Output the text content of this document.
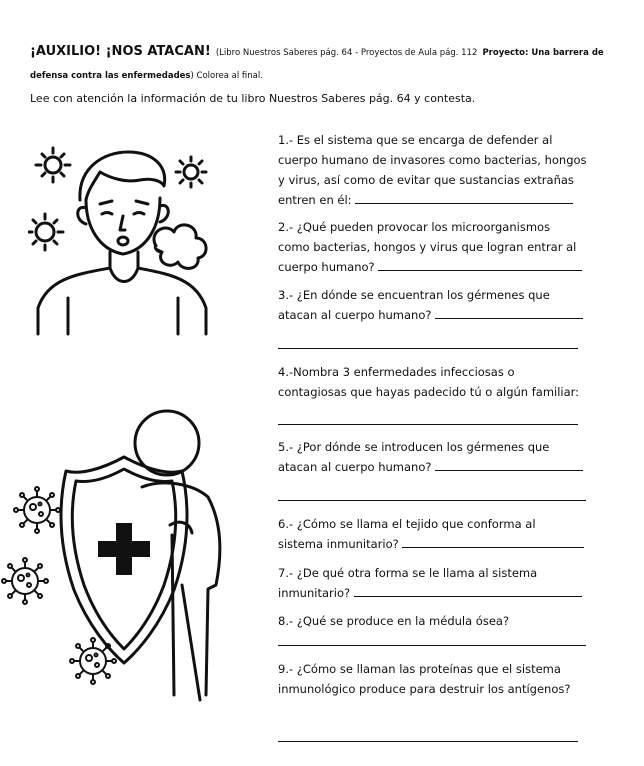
¡AUXILIO! ¡NOS ATACAN! (Libro Nuestros Saberes pág. 64 - Proyectos de Aula pág. 112 Proyecto: Una barrera de defensa contra las enfermedades) Colorea al final.
Lee con atención la información de tu libro Nuestros Saberes pág. 64 y contesta.
1.- Es el sistema que se encarga de defender al
cuerpo humano de invasores como bacterias, hongos
y virus, así como de evitar que sustancias extrañas
entren en él:
2.- ¿Qué pueden provocar los microorganismos
como bacterias, hongos y virus que logran entrar al
cuerpo humano?
3.- ¿En dónde se encuentran los gérmenes que
atacan al cuerpo humano?
4.-Nombra 3 enfermedades infecciosas o
contagiosas que hayas padecido tú o algún familiar:
5.- ¿Por dónde se introducen los gérmenes que
atacan al cuerpo humano?
6.- ¿Cómo se llama el tejido que conforma al
sistema inmunitario?
7.- ¿De qué otra forma se le llama al sistema
inmunitario?
8.- ¿Qué se produce en la médula ósea?
9.- ¿Cómo se llaman las proteínas que el sistema
inmunológico produce para destruir los antígenos?
